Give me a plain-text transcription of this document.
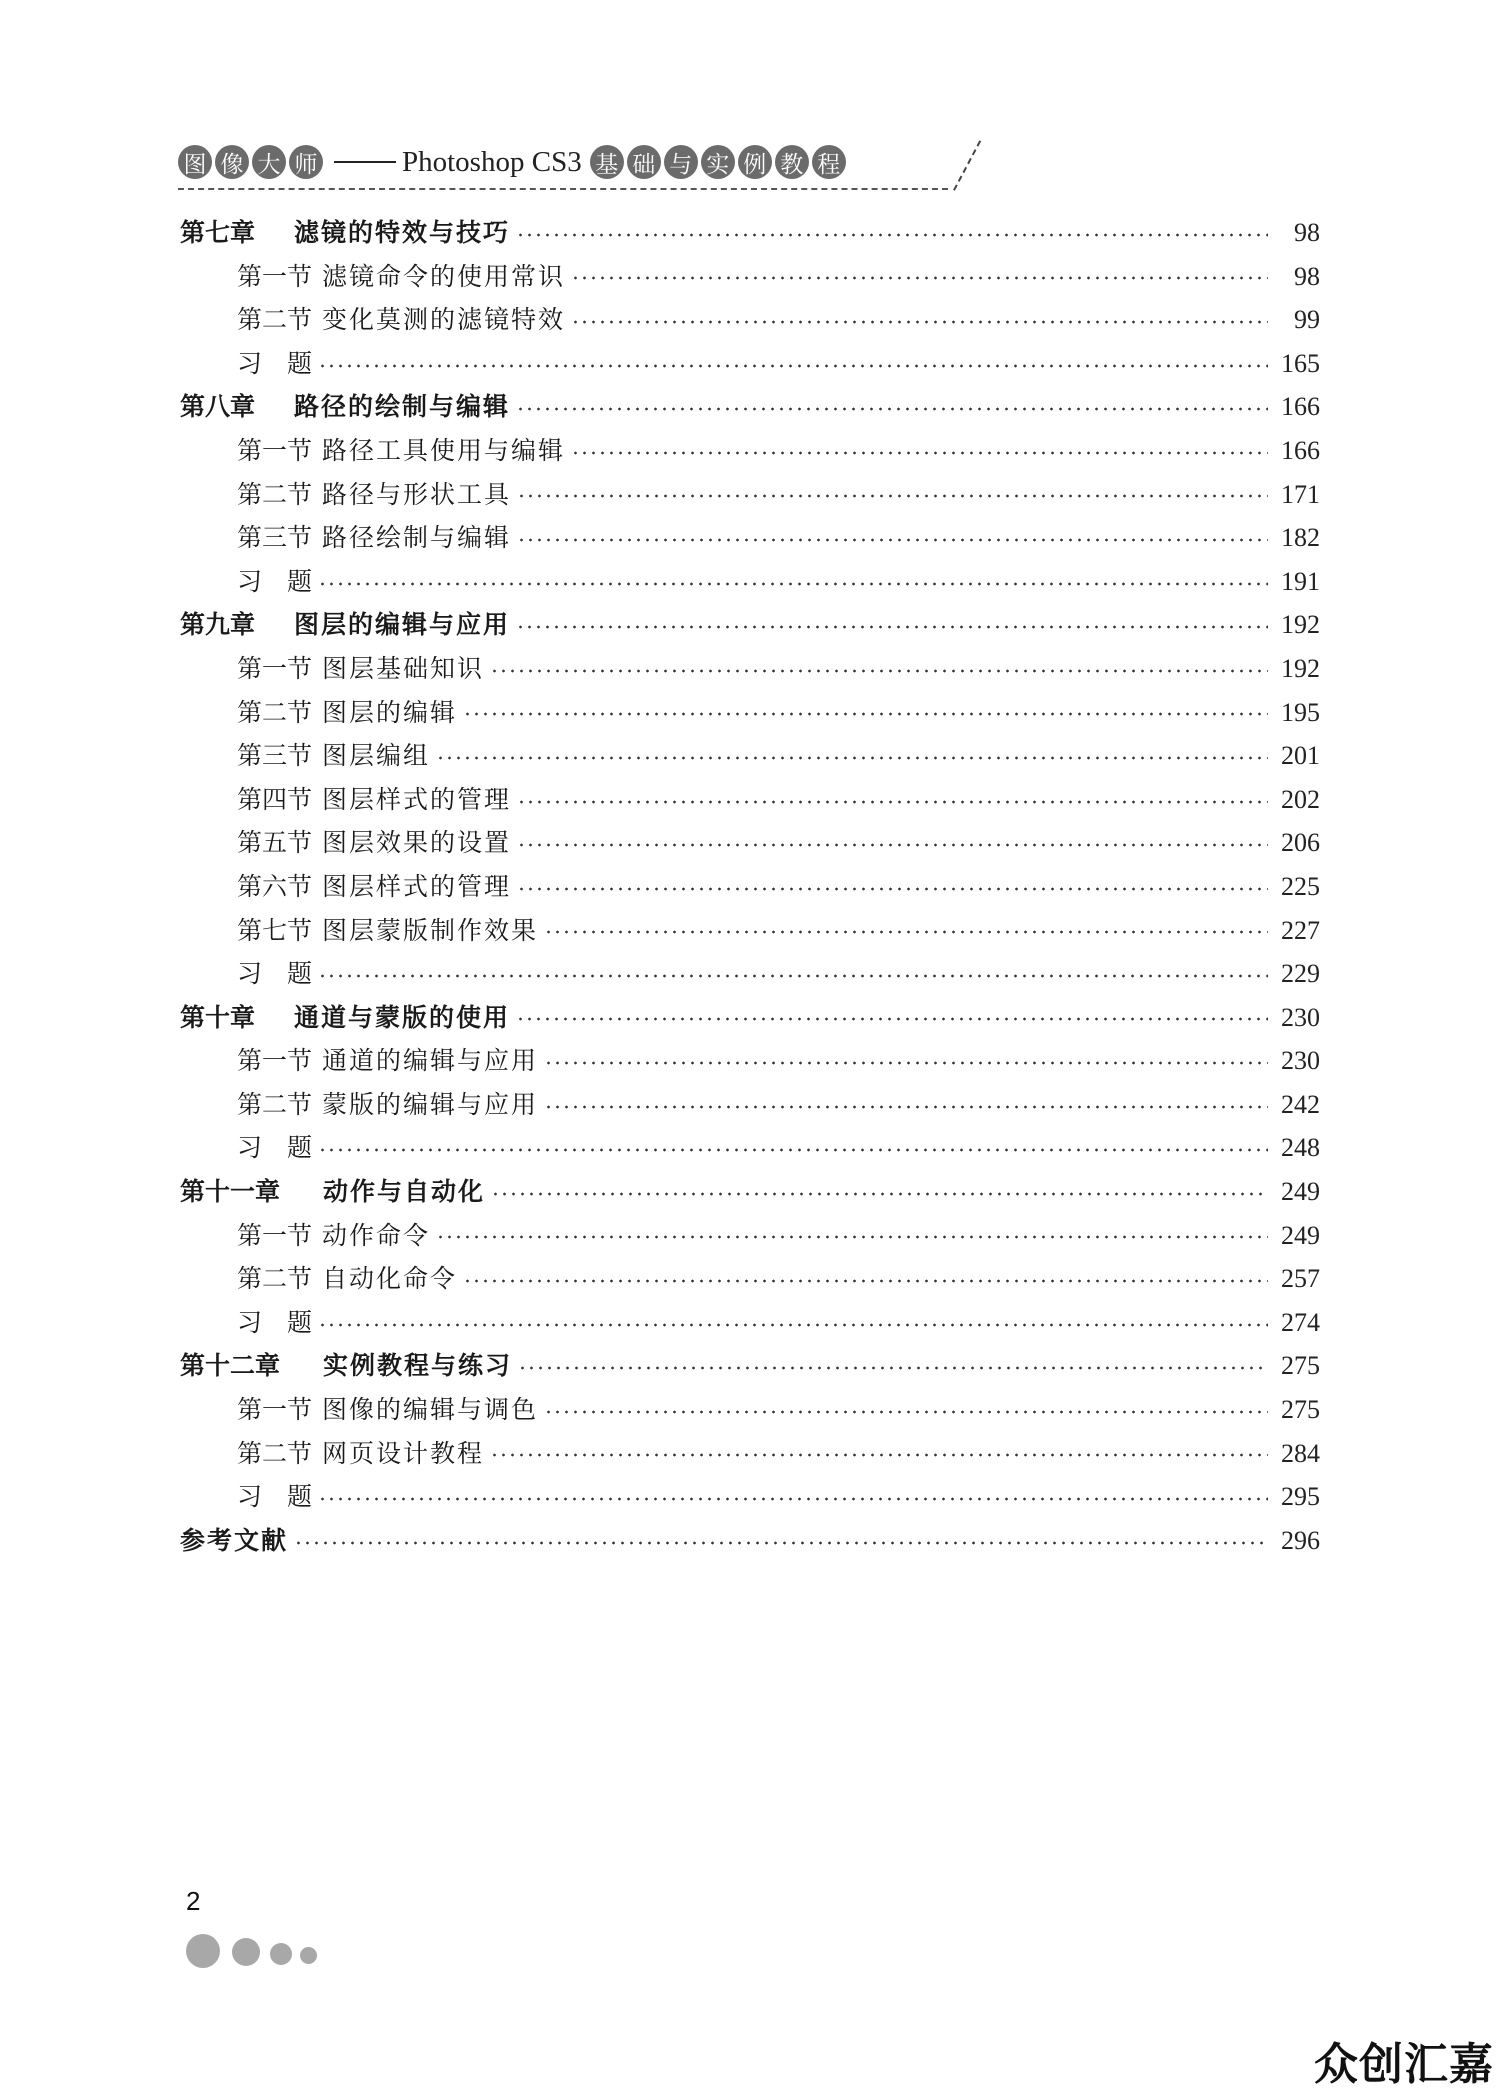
图 像 大 师	Photoshop CS3 基 础 与 实 例 教 程
第七章	滤镜的特效与技巧	98
第一节 滤镜命令的使用常识	98
第二节 变化莫测的滤镜特效	99
习　题	165
第八章	路径的绘制与编辑	166
第一节 路径工具使用与编辑	166
第二节 路径与形状工具	171
第三节 路径绘制与编辑	182
习　题	191
第九章	图层的编辑与应用	192
第一节 图层基础知识	192
第二节 图层的编辑	195
第三节 图层编组	201
第四节 图层样式的管理	202
第五节 图层效果的设置	206
第六节 图层样式的管理	225
第七节 图层蒙版制作效果	227
习　题	229
第十章	通道与蒙版的使用	230
第一节 通道的编辑与应用	230
第二节 蒙版的编辑与应用	242
习　题	248
第十一章	动作与自动化	249
第一节 动作命令	249
第二节 自动化命令	257
习　题	274
第十二章	实例教程与练习	275
第一节 图像的编辑与调色	275
第二节 网页设计教程	284
习　题	295
参考文献	296
2
众创汇嘉
